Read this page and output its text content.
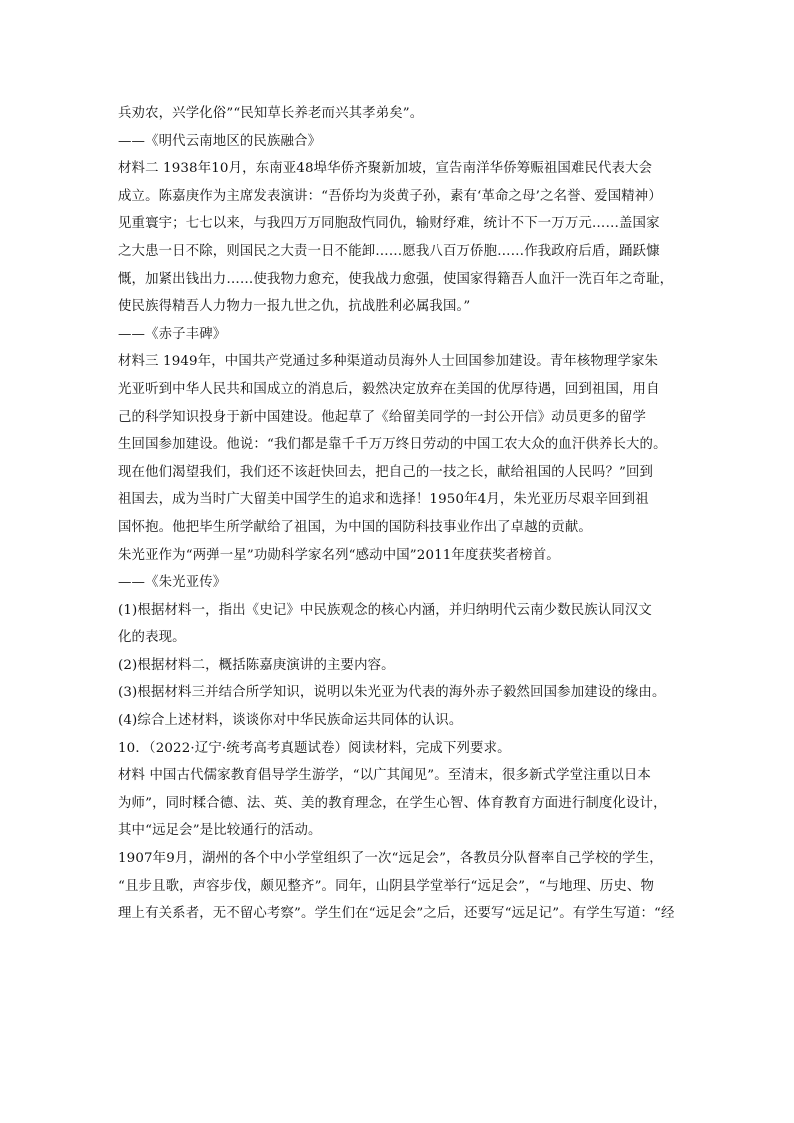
兵劝农，兴学化俗”“民知草长养老而兴其孝弟矣”。
——《明代云南地区的民族融合》
材料二 1938年10月，东南亚48埠华侨齐聚新加坡，宣告南洋华侨筹赈祖国难民代表大会
成立。陈嘉庚作为主席发表演讲：“吾侨均为炎黄子孙，素有‘革命之母’之名誉、爱国精神）
见重寰宇；七七以来，与我四万万同胞敌忾同仇，输财纾难，统计不下一万万元……盖国家
之大患一日不除，则国民之大责一日不能卸……愿我八百万侨胞……作我政府后盾，踊跃慷
慨，加紧出钱出力……使我物力愈充，使我战力愈强，使国家得籍吾人血汗一洗百年之奇耻，
使民族得精吾人力物力一报九世之仇，抗战胜利必属我国。”
——《赤子丰碑》
材料三 1949年，中国共产党通过多种渠道动员海外人士回国参加建设。青年核物理学家朱
光亚听到中华人民共和国成立的消息后，毅然决定放弃在美国的优厚待遇，回到祖国，用自
己的科学知识投身于新中国建设。他起草了《给留美同学的一封公开信》动员更多的留学
生回国参加建设。他说：“我们都是靠千千万万终日劳动的中国工农大众的血汗供养长大的。
现在他们渴望我们，我们还不该赶快回去，把自己的一技之长，献给祖国的人民吗？”回到
祖国去，成为当时广大留美中国学生的追求和选择！1950年4月，朱光亚历尽艰辛回到祖
国怀抱。他把毕生所学献给了祖国，为中国的国防科技事业作出了卓越的贡献。
朱光亚作为“两弹一星”功勋科学家名列“感动中国”2011年度获奖者榜首。
——《朱光亚传》
(1)根据材料一，指出《史记》中民族观念的核心内涵，并归纳明代云南少数民族认同汉文
化的表现。
(2)根据材料二，概括陈嘉庚演讲的主要内容。
(3)根据材料三并结合所学知识，说明以朱光亚为代表的海外赤子毅然回国参加建设的缘由。
(4)综合上述材料，谈谈你对中华民族命运共同体的认识。
10．（2022·辽宁·统考高考真题试卷）阅读材料，完成下列要求。
材料 中国古代儒家教育倡导学生游学，“以广其闻见”。至清末，很多新式学堂注重以日本
为师”，同时糅合德、法、英、美的教育理念，在学生心智、体育教育方面进行制度化设计，
其中“远足会”是比较通行的活动。
1907年9月，湖州的各个中小学堂组织了一次“远足会”，各教员分队督率自己学校的学生，
“且步且歌，声容步伐，颇见整齐”。同年，山阴县学堂举行“远足会”，“与地理、历史、物
理上有关系者，无不留心考察”。学生们在“远足会”之后，还要写“远足记”。有学生写道：“经
